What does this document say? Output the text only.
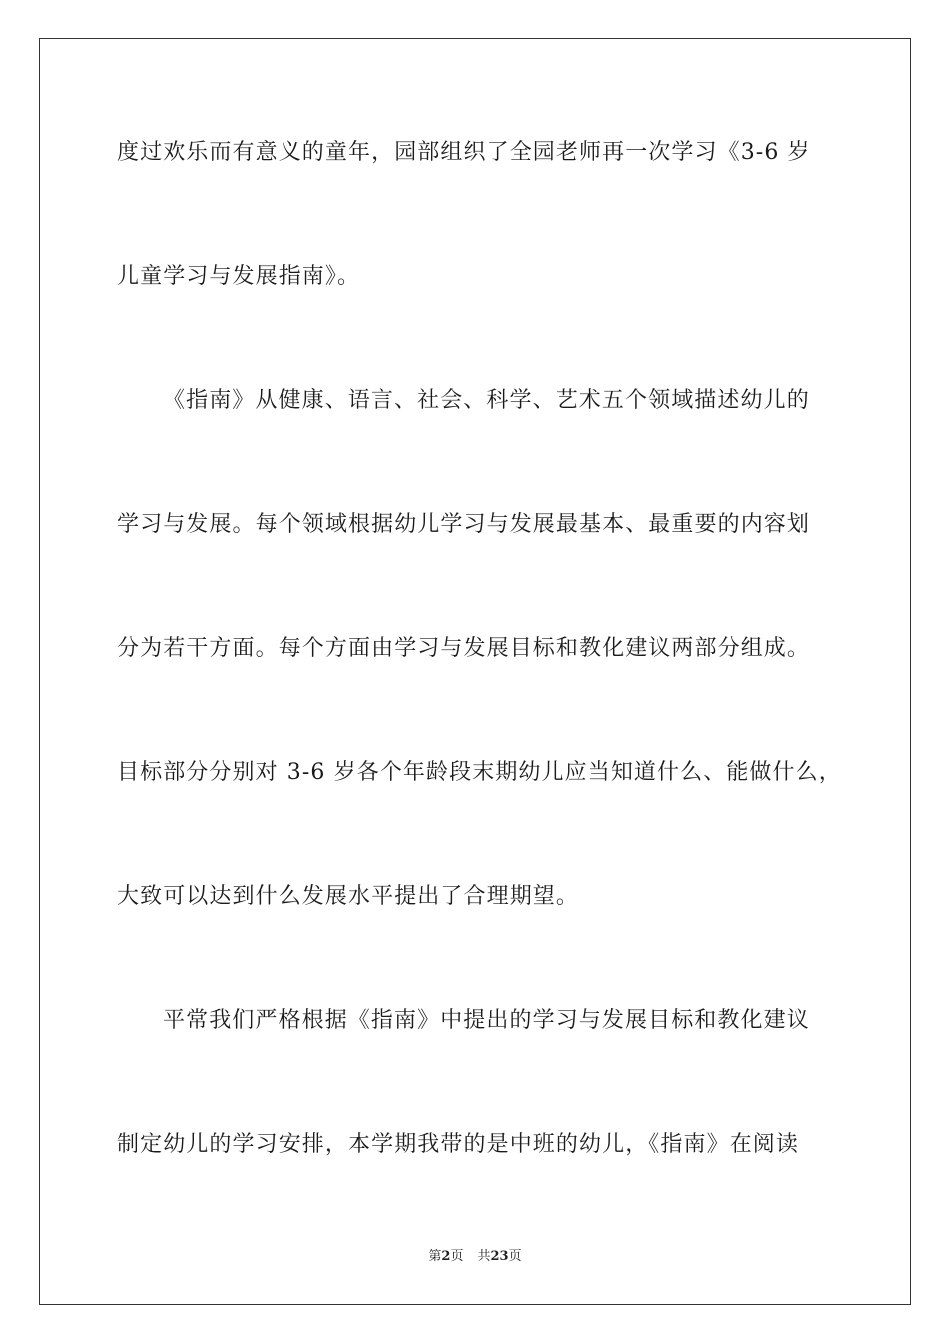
度过欢乐而有意义的童年，园部组织了全园老师再一次学习《3-6 岁

儿童学习与发展指南》。

《指南》从健康、语言、社会、科学、艺术五个领域描述幼儿的

学习与发展。每个领域根据幼儿学习与发展最基本、最重要的内容划

分为若干方面。每个方面由学习与发展目标和教化建议两部分组成。

目标部分分别对 3-6 岁各个年龄段末期幼儿应当知道什么、能做什么，

大致可以达到什么发展水平提出了合理期望。

平常我们严格根据《指南》中提出的学习与发展目标和教化建议

制定幼儿的学习安排，本学期我带的是中班的幼儿，《指南》在阅读

第2页 共23页
